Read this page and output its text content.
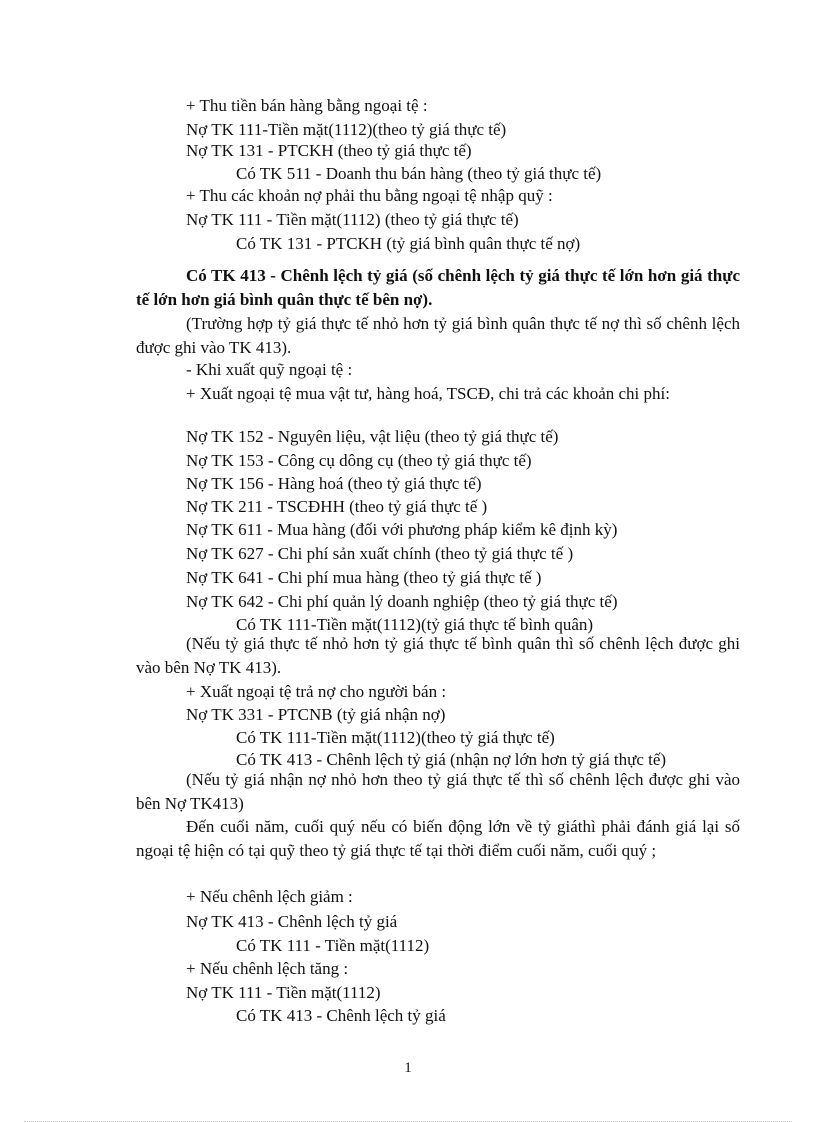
+ Thu tiền bán hàng bằng ngoại tệ :
Nợ TK 111-Tiền mặt(1112)(theo tỷ giá thực tế)
Nợ TK 131 - PTCKH (theo tỷ giá thực tế)
Có TK 511 - Doanh thu bán hàng (theo tỷ giá thực tế)
+ Thu các khoản nợ phải thu bằng ngoại tệ nhập quỹ :
Nợ TK 111 - Tiền mặt(1112) (theo tỷ giá thực tế)
Có TK 131 - PTCKH (tỷ giá bình quân thực tế nợ)
Có TK 413 - Chênh lệch tỷ giá (số chênh lệch tỷ giá thực tế lớn hơn giá thực tế lớn hơn giá bình quân thực tế bên nợ).
(Trường hợp tỷ giá thực tế nhỏ hơn tỷ giá bình quân thực tế nợ thì số chênh lệch được ghi vào TK 413).
- Khi xuất quỹ ngoại tệ :
+ Xuất ngoại tệ mua vật tư, hàng hoá, TSCĐ, chi trả các khoản chi phí:
Nợ TK 152 - Nguyên liệu, vật liệu (theo tỷ giá thực tế)
Nợ TK 153 - Công cụ dông cụ (theo tỷ giá thực tế)
Nợ TK 156 - Hàng hoá (theo tỷ giá thực tế)
Nợ TK 211 - TSCĐHH (theo tỷ giá thực tế )
Nợ TK 611 - Mua hàng (đối với phương pháp kiểm kê định kỳ)
Nợ TK 627 - Chi phí sản xuất chính (theo tỷ giá thực tế )
Nợ TK 641 - Chi phí mua hàng (theo tỷ giá thực tế )
Nợ TK 642 - Chi phí quản lý doanh nghiệp (theo tỷ giá thực tế)
Có TK 111-Tiền mặt(1112)(tỷ giá thực tế bình quân)
(Nếu tỷ giá thực tế nhỏ hơn tỷ giá thực tế bình quân thì số chênh lệch được ghi vào bên Nợ TK 413).
+ Xuất ngoại tệ trả nợ cho người bán :
Nợ TK 331 - PTCNB (tỷ giá nhận nợ)
Có TK 111-Tiền mặt(1112)(theo tỷ giá thực tế)
Có TK 413 - Chênh lệch tỷ giá (nhận nợ lớn hơn tỷ giá thực tế)
(Nếu tỷ giá nhận nợ nhỏ hơn theo tỷ giá thực tế thì số chênh lệch được ghi vào bên Nợ TK413)
Đến cuối năm, cuối quý nếu có biến động lớn về tỷ giáthì phải đánh giá lại số ngoại tệ hiện có tại quỹ theo tỷ giá thực tế tại thời điểm cuối năm, cuối quý ;
+ Nếu chênh lệch giảm :
Nợ TK 413 - Chênh lệch tỷ giá
Có TK 111 - Tiền mặt(1112)
+ Nếu chênh lệch tăng :
Nợ TK 111 - Tiền mặt(1112)
Có TK 413 - Chênh lệch tỷ giá
1
